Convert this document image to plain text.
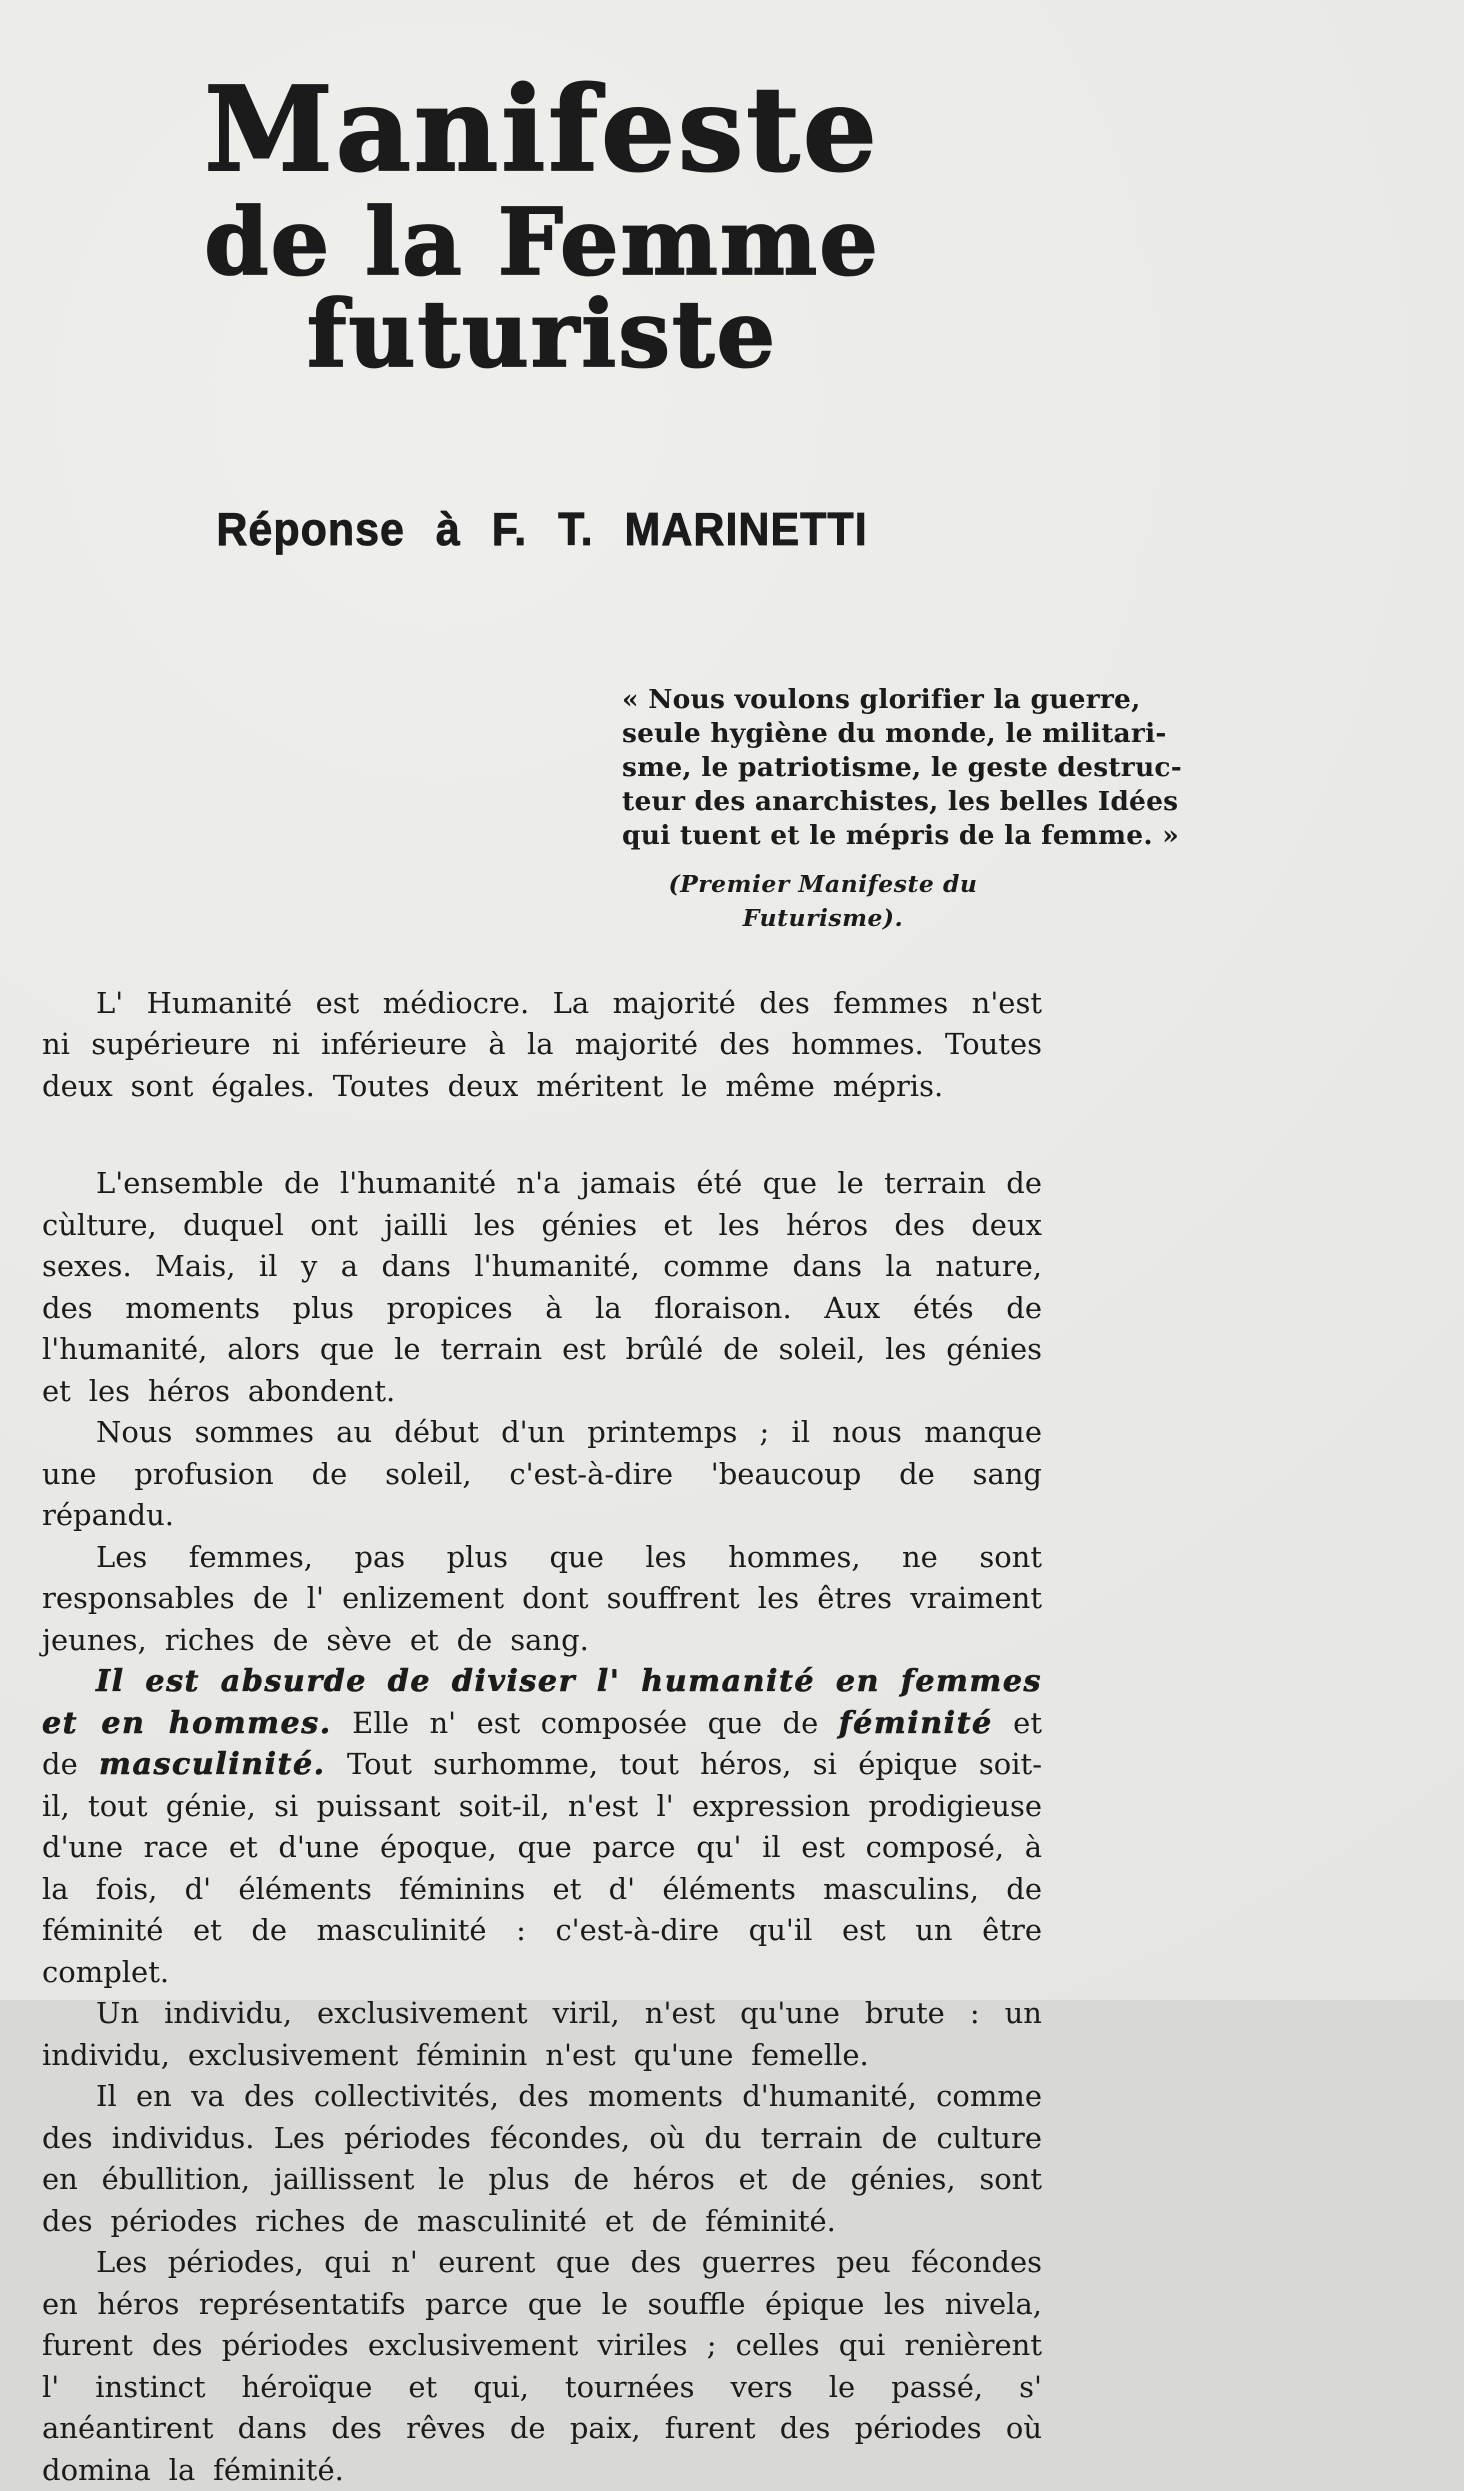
Manifeste
de la Femme futuriste
Réponse à F. T. MARINETTI
« Nous voulons glorifier la guerre,
seule hygiène du monde, le militari-
sme, le patriotisme, le geste destruc-
teur des anarchistes, les belles Idées
qui tuent et le mépris de la femme. »
(Premier Manifeste du Futurisme).

L' Humanité est médiocre. La majorité des femmes n'est ni supérieure ni inférieure à la majorité des hommes. Toutes deux sont égales. Toutes deux méritent le même mépris.

L'ensemble de l'humanité n'a jamais été que le terrain de cùlture, duquel ont jailli les génies et les héros des deux sexes. Mais, il y a dans l'humanité, comme dans la nature, des moments plus propices à la floraison. Aux étés de l'humanité, alors que le terrain est brûlé de soleil, les génies et les héros abondent.

Nous sommes au début d'un printemps ; il nous manque une profusion de soleil, c'est-à-dire 'beaucoup de sang répandu.

Les femmes, pas plus que les hommes, ne sont responsables de l' enlizement dont souffrent les êtres vraiment jeunes, riches de sève et de sang.

Il est absurde de diviser l' humanité en femmes et en hommes. Elle n' est composée que de féminité et de masculinité. Tout surhomme, tout héros, si épique soit-il, tout génie, si puissant soit-il, n'est l' expression prodigieuse d'une race et d'une époque, que parce qu' il est composé, à la fois, d' éléments féminins et d' éléments masculins, de féminité et de masculinité : c'est-à-dire qu'il est un être complet.

Un individu, exclusivement viril, n'est qu'une brute : un individu, exclusivement féminin n'est qu'une femelle.

Il en va des collectivités, des moments d'humanité, comme des individus. Les périodes fécondes, où du terrain de culture en ébullition, jaillissent le plus de héros et de génies, sont des périodes riches de masculinité et de féminité.

Les périodes, qui n' eurent que des guerres peu fécondes en héros représentatifs parce que le souffle épique les nivela, furent des périodes exclusivement viriles ; celles qui renièrent l' instinct héroïque et qui, tournées vers le passé, s' anéantirent dans des rêves de paix, furent des périodes où domina la féminité.
